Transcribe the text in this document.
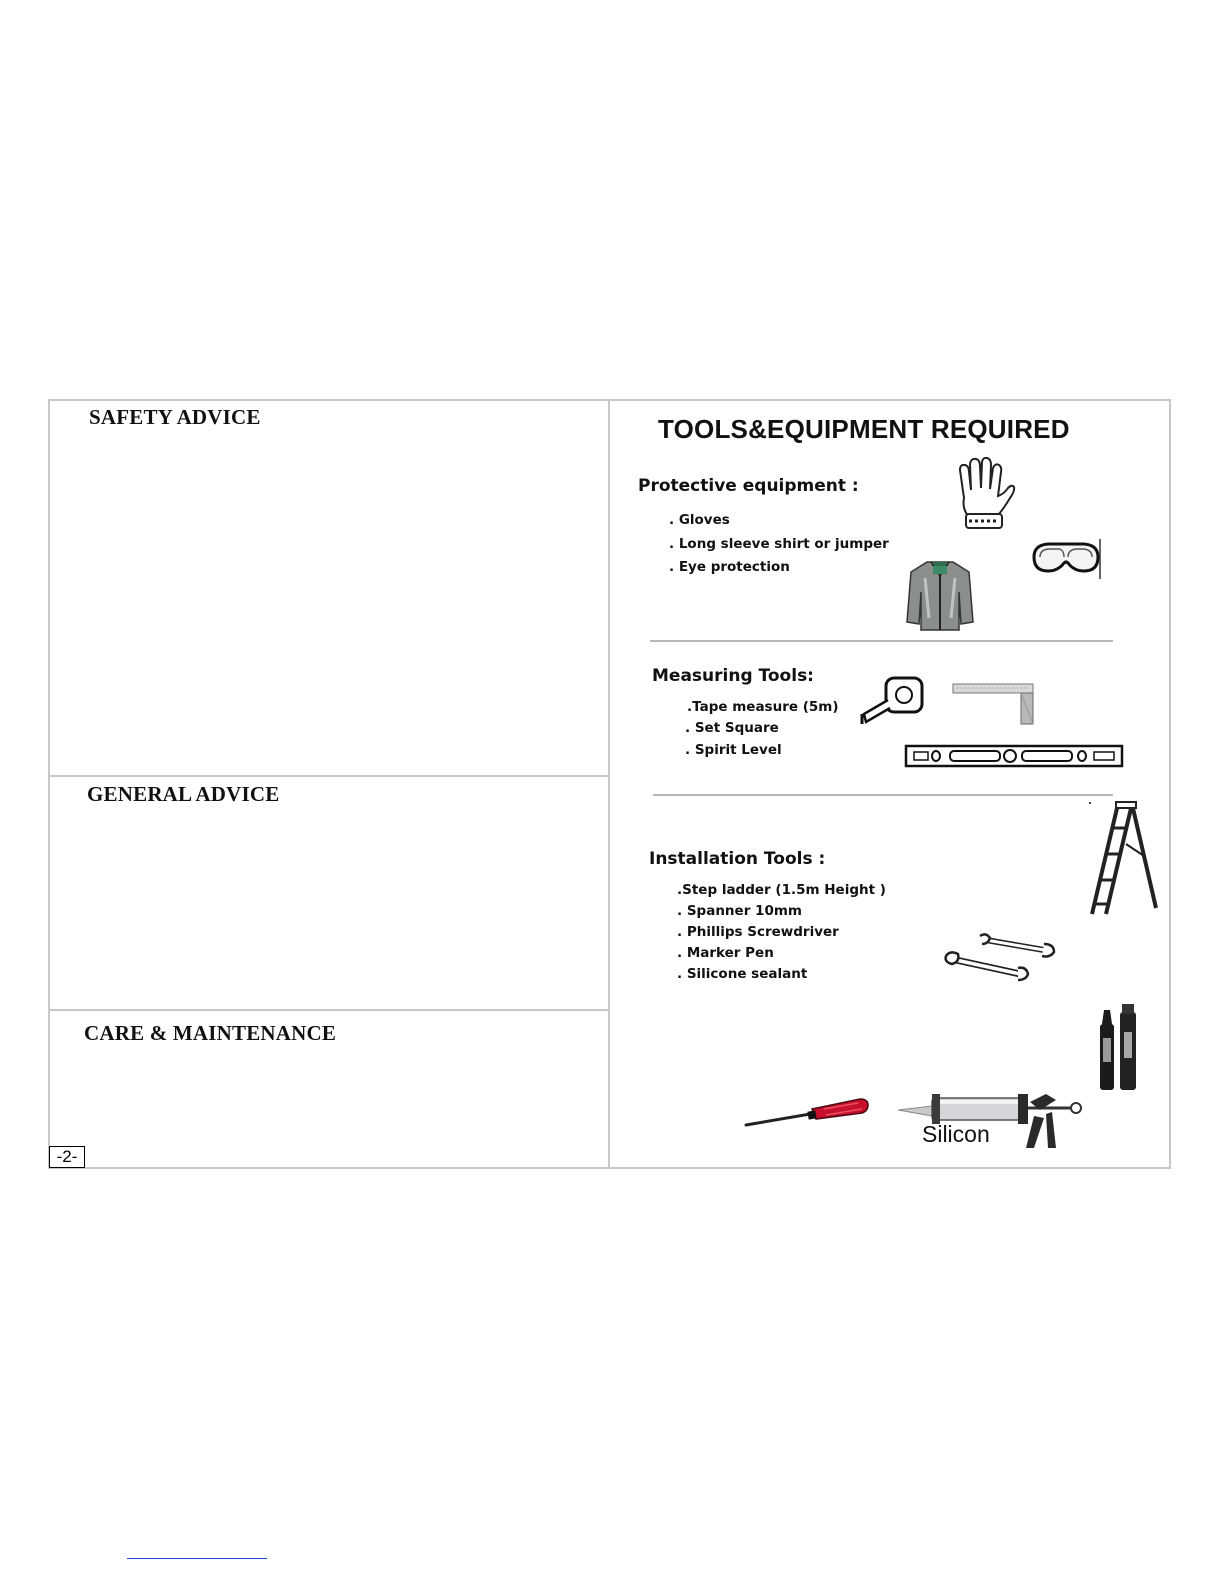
SAFETY ADVICE
GENERAL ADVICE
CARE & MAINTENANCE
-2-
TOOLS&EQUIPMENT REQUIRED
Protective equipment :
. Gloves
. Long sleeve shirt or jumper
. Eye protection
Measuring Tools:
.Tape measure (5m)
. Set Square
. Spirit Level
Installation Tools :
.Step ladder (1.5m Height )
. Spanner 10mm
. Phillips Screwdriver
. Marker Pen
. Silicone sealant
Silicon
